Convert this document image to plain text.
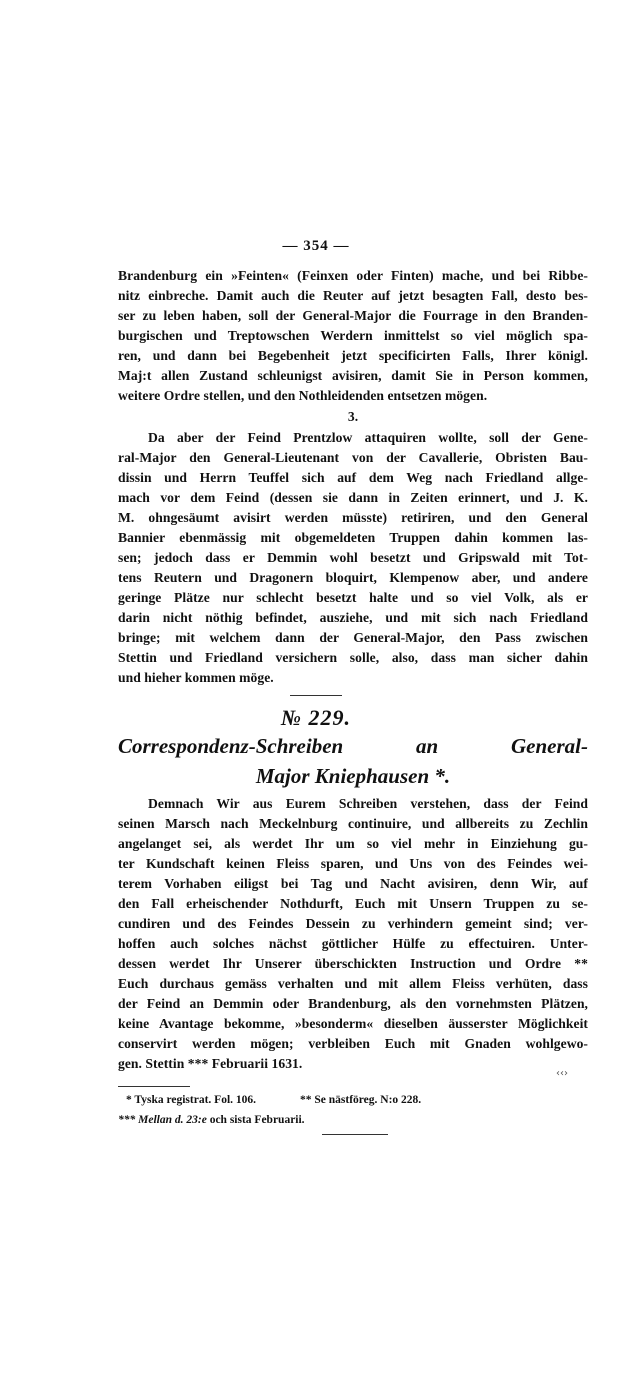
— 354 —
Brandenburg ein »Feinten« (Feinxen oder Finten) mache, und bei Ribbe-
nitz einbreche. Damit auch die Reuter auf jetzt besagten Fall, desto bes-
ser zu leben haben, soll der General-Major die Fourrage in den Branden-
burgischen und Treptowschen Werdern inmittelst so viel möglich spa-
ren, und dann bei Begebenheit jetzt specificirten Falls, Ihrer königl.
Maj:t allen Zustand schleunigst avisiren, damit Sie in Person kommen,
weitere Ordre stellen, und den Nothleidenden entsetzen mögen.
3.
Da aber der Feind Prentzlow attaquiren wollte, soll der Gene-
ral-Major den General-Lieutenant von der Cavallerie, Obristen Bau-
dissin und Herrn Teuffel sich auf dem Weg nach Friedland allge-
mach vor dem Feind (dessen sie dann in Zeiten erinnert, und J. K.
M. ohngesäumt avisirt werden müsste) retiriren, und den General
Bannier ebenmässig mit obgemeldeten Truppen dahin kommen las-
sen; jedoch dass er Demmin wohl besetzt und Gripswald mit Tot-
tens Reutern und Dragonern bloquirt, Klempenow aber, und andere
geringe Plätze nur schlecht besetzt halte und so viel Volk, als er
darin nicht nöthig befindet, ausziehe, und mit sich nach Friedland
bringe; mit welchem dann der General-Major, den Pass zwischen
Stettin und Friedland versichern solle, also, dass man sicher dahin
und hieher kommen möge.
№ 229.
Correspondenz-Schreiben an General-
Major Kniephausen *.
Demnach Wir aus Eurem Schreiben verstehen, dass der Feind
seinen Marsch nach Meckelnburg continuire, und allbereits zu Zechlin
angelanget sei, als werdet Ihr um so viel mehr in Einziehung gu-
ter Kundschaft keinen Fleiss sparen, und Uns von des Feindes wei-
terem Vorhaben eiligst bei Tag und Nacht avisiren, denn Wir, auf
den Fall erheischender Nothdurft, Euch mit Unsern Truppen zu se-
cundiren und des Feindes Dessein zu verhindern gemeint sind; ver-
hoffen auch solches nächst göttlicher Hülfe zu effectuiren. Unter-
dessen werdet Ihr Unserer überschickten Instruction und Ordre **
Euch durchaus gemäss verhalten und mit allem Fleiss verhüten, dass
der Feind an Demmin oder Brandenburg, als den vornehmsten Plätzen,
keine Avantage bekomme, »besonderm« dieselben äusserster Möglichkeit
conservirt werden mögen; verbleiben Euch mit Gnaden wohlgewo-
gen. Stettin *** Februarii 1631.
‹‹›
* Tyska registrat. Fol. 106.
*** Mellan d. 23:e och sista Februarii.
** Se nästföreg. N:o 228.
